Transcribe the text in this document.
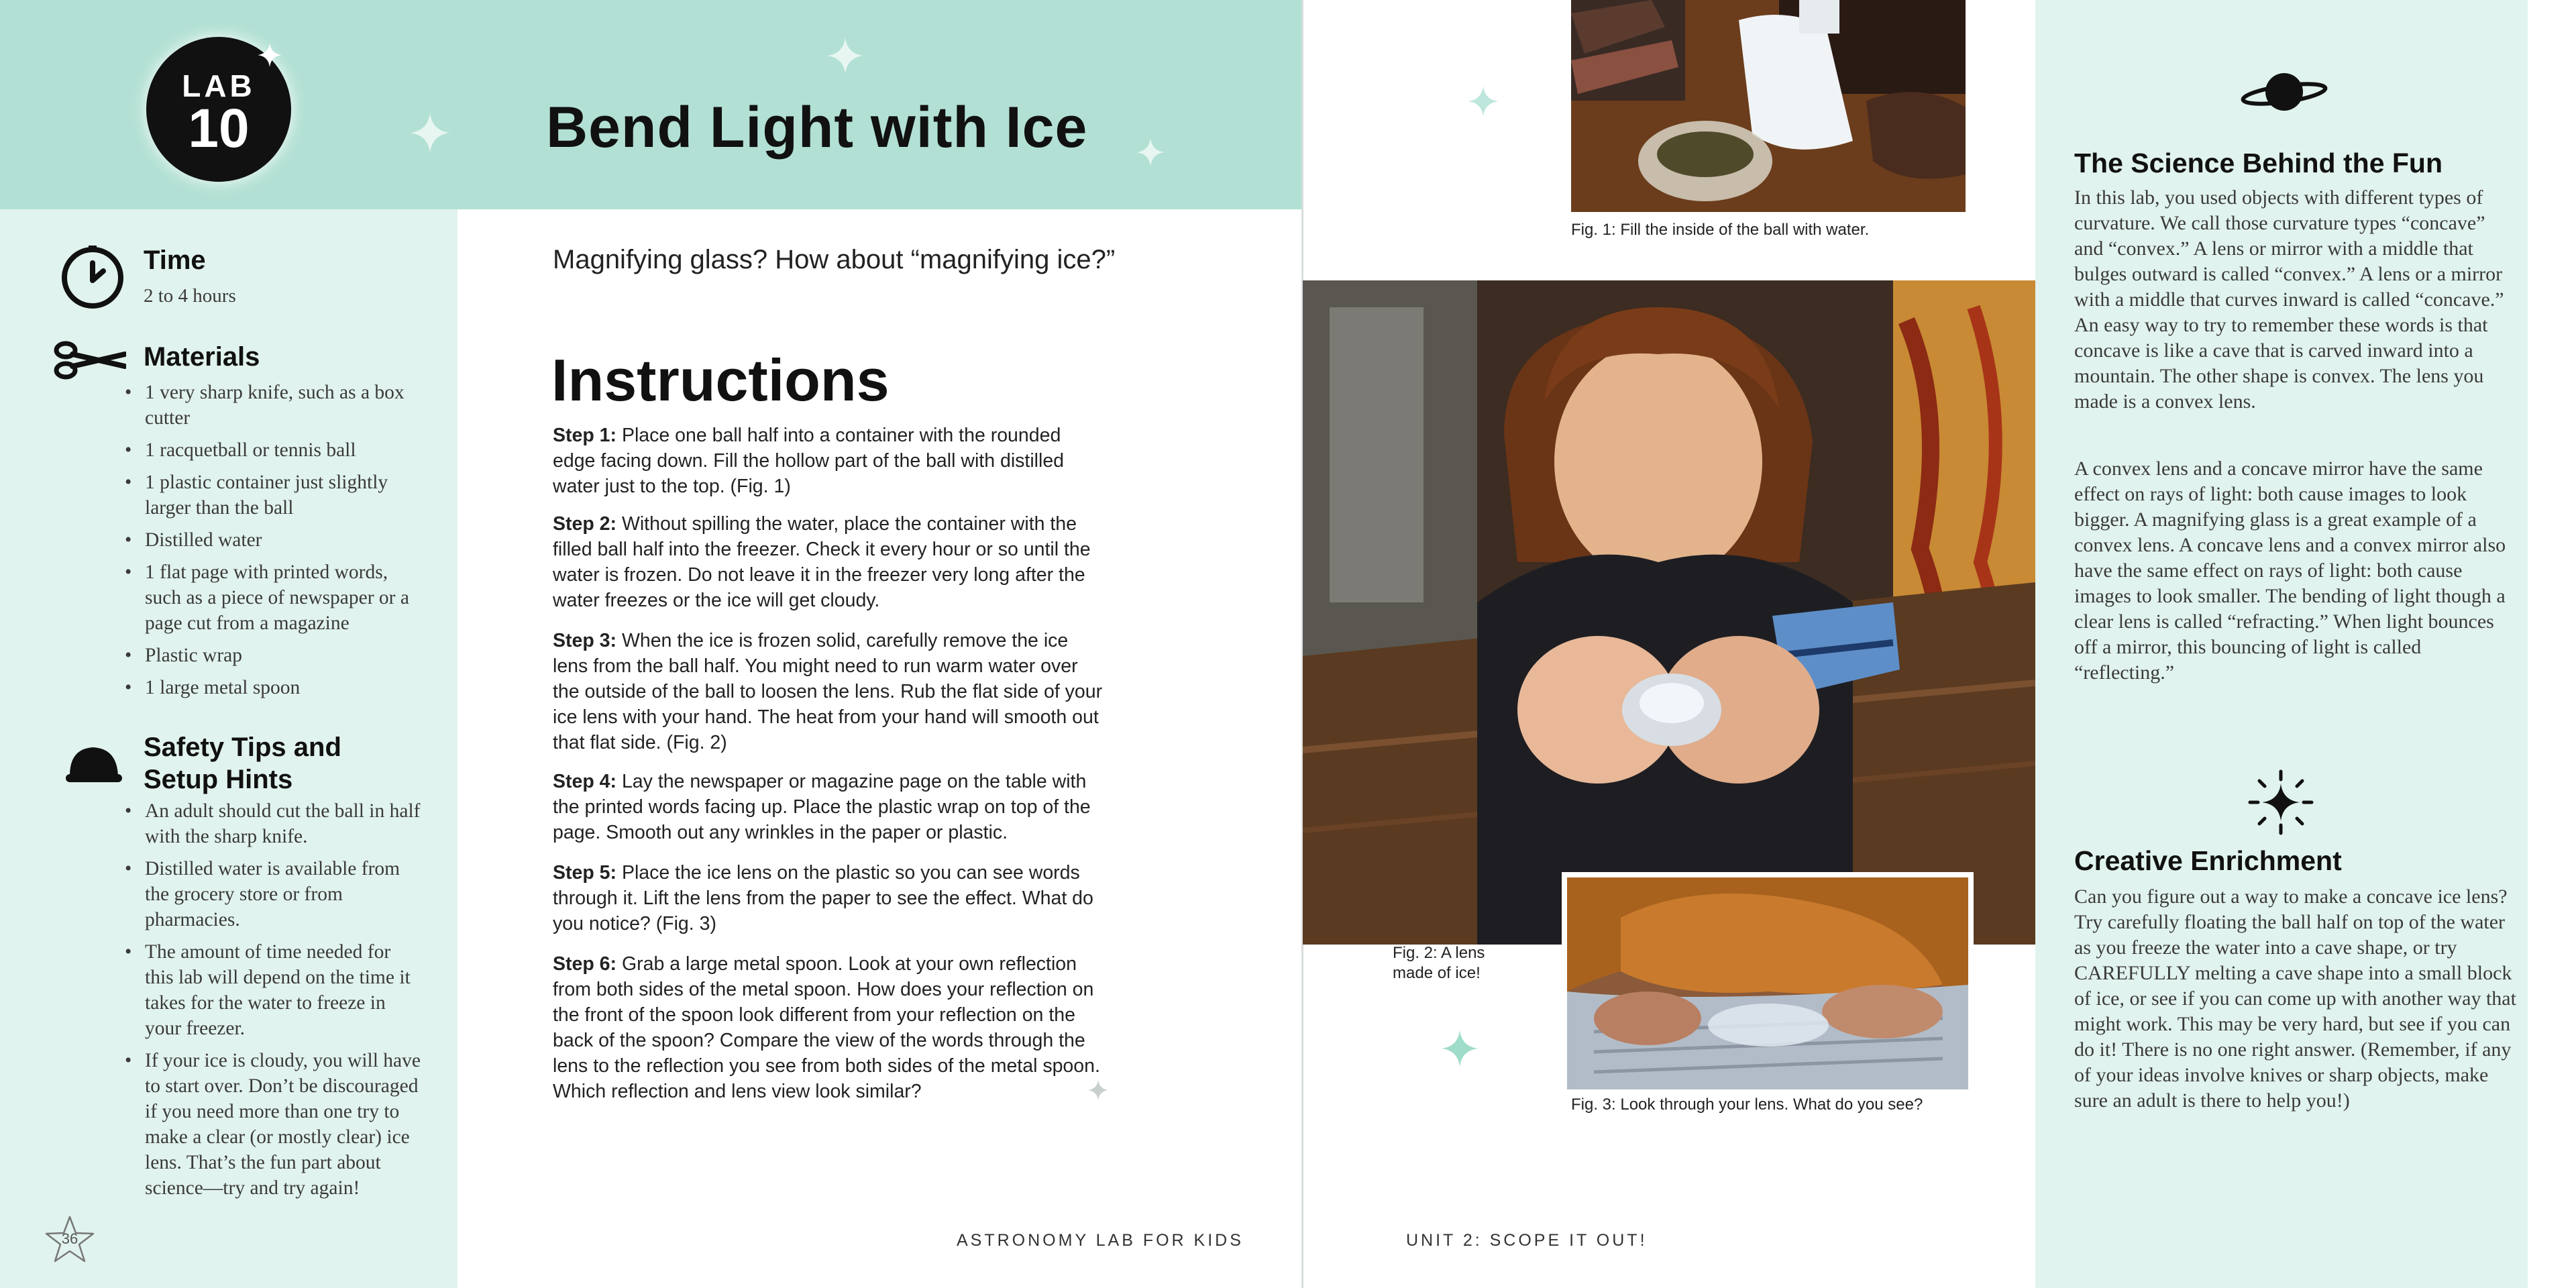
LAB
10	Bend Light with Ice
Time
2 to 4 hours
Materials
• 1 very sharp knife, such as a box cutter
• 1 racquetball or tennis ball
• 1 plastic container just slightly larger than the ball
• Distilled water
• 1 flat page with printed words, such as a piece of newspaper or a page cut from a magazine
• Plastic wrap
• 1 large metal spoon
Safety Tips and
Setup Hints
• An adult should cut the ball in half with the sharp knife.
• Distilled water is available from the grocery store or from pharmacies.
• The amount of time needed for this lab will depend on the time it takes for the water to freeze in your freezer.
• If your ice is cloudy, you will have to start over. Don’t be discouraged if you need more than one try to make a clear (or mostly clear) ice lens. That’s the fun part about science—try and try again!
36
Magnifying glass? How about “magnifying ice?”
Instructions
Step 1: Place one ball half into a container with the rounded edge facing down. Fill the hollow part of the ball with distilled water just to the top. (Fig. 1)
Step 2: Without spilling the water, place the container with the filled ball half into the freezer. Check it every hour or so until the water is frozen. Do not leave it in the freezer very long after the water freezes or the ice will get cloudy.
Step 3: When the ice is frozen solid, carefully remove the ice lens from the ball half. You might need to run warm water over the outside of the ball to loosen the lens. Rub the flat side of your ice lens with your hand. The heat from your hand will smooth out that flat side. (Fig. 2)
Step 4: Lay the newspaper or magazine page on the table with the printed words facing up. Place the plastic wrap on top of the page. Smooth out any wrinkles in the paper or plastic.
Step 5: Place the ice lens on the plastic so you can see words through it. Lift the lens from the paper to see the effect. What do you notice? (Fig. 3)
Step 6: Grab a large metal spoon. Look at your own reflection from both sides of the metal spoon. How does your reflection on the front of the spoon look different from your reflection on the back of the spoon? Compare the view of the words through the lens to the reflection you see from both sides of the metal spoon. Which reflection and lens view look similar?
ASTRONOMY LAB FOR KIDS
Fig. 1: Fill the inside of the ball with water.
Fig. 2: A lens
made of ice!
Fig. 3: Look through your lens. What do you see?
UNIT 2: SCOPE IT OUT!
The Science Behind the Fun
In this lab, you used objects with different types of curvature. We call those curvature types “concave” and “convex.” A lens or mirror with a middle that bulges outward is called “convex.” A lens or a mirror with a middle that curves inward is called “concave.” An easy way to try to remember these words is that concave is like a cave that is carved inward into a mountain. The other shape is convex. The lens you made is a convex lens.
A convex lens and a concave mirror have the same effect on rays of light: both cause images to look bigger. A magnifying glass is a great example of a convex lens. A concave lens and a convex mirror also have the same effect on rays of light: both cause images to look smaller. The bending of light though a clear lens is called “refracting.” When light bounces off a mirror, this bouncing of light is called “reflecting.”
Creative Enrichment
Can you figure out a way to make a concave ice lens? Try carefully floating the ball half on top of the water as you freeze the water into a cave shape, or try CAREFULLY melting a cave shape into a small block of ice, or see if you can come up with another way that might work. This may be very hard, but see if you can do it! There is no one right answer. (Remember, if any of your ideas involve knives or sharp objects, make sure an adult is there to help you!)
